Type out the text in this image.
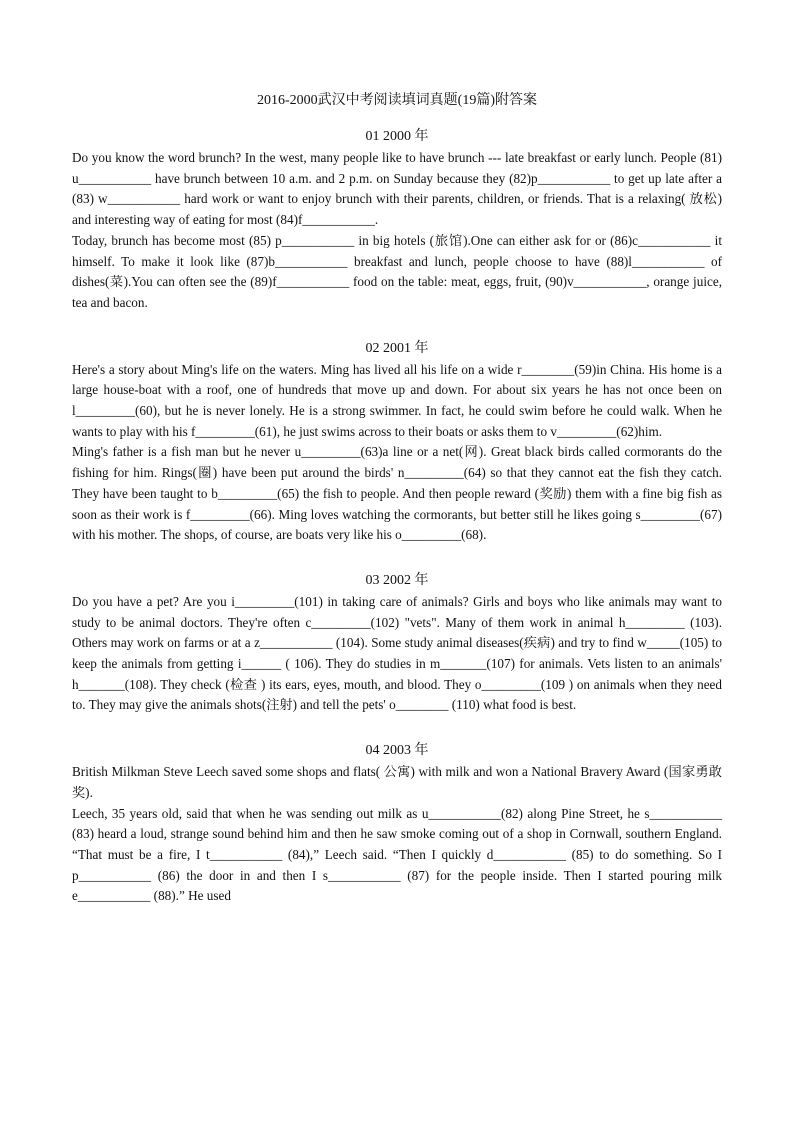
2016-2000武汉中考阅读填词真题(19篇)附答案
01 2000 年

Do you know the word brunch? In the west, many people like to have brunch --- late breakfast or early lunch. People (81) u___________ have brunch between 10 a.m. and 2 p.m. on Sunday because they (82)p___________ to get up late after a (83) w___________ hard work or want to enjoy brunch with their parents, children, or friends. That is a relaxing( 放松) and interesting way of eating for most (84)f___________.

Today, brunch has become most (85) p___________ in big hotels (旅馆).One can either ask for or (86)c___________ it himself. To make it look like (87)b___________ breakfast and lunch, people choose to have (88)l___________ of dishes(菜).You can often see the (89)f___________ food on the table: meat, eggs, fruit, (90)v___________, orange juice, tea and bacon.

02 2001 年

Here's a story about Ming's life on the waters. Ming has lived all his life on a wide r________(59)in China. His home is a large house-boat with a roof, one of hundreds that move up and down. For about six years he has not once been on l_________(60), but he is never lonely. He is a strong swimmer. In fact, he could swim before he could walk. When he wants to play with his f_________(61), he just swims across to their boats or asks them to v_________(62)him.

Ming's father is a fish man but he never u_________(63)a line or a net(网). Great black birds called cormorants do the fishing for him. Rings(圈) have been put around the birds' n_________(64) so that they cannot eat the fish they catch. They have been taught to b_________(65) the fish to people. And then people reward (奖励) them with a fine big fish as soon as their work is f_________(66). Ming loves watching the cormorants, but better still he likes going s_________(67) with his mother. The shops, of course, are boats very like his o_________(68).

03 2002 年

Do you have a pet? Are you i_________(101) in taking care of animals? Girls and boys who like animals may want to study to be animal doctors. They're often c_________(102) "vets". Many of them work in animal h_________ (103). Others may work on farms or at a z___________ (104). Some study animal diseases(疾病) and try to find w_____(105) to keep the animals from getting i______ ( 106). They do studies in m_______(107) for animals. Vets listen to an animals' h_______(108). They check (检查 ) its ears, eyes, mouth, and blood. They o_________(109 ) on animals when they need to. They may give the animals shots(注射) and tell the pets' o________ (110) what food is best.

04 2003 年

British Milkman Steve Leech saved some shops and flats( 公寓) with milk and won a National Bravery Award (国家勇敢奖).

Leech, 35 years old, said that when he was sending out milk as u___________(82) along Pine Street, he s___________ (83) heard a loud, strange sound behind him and then he saw smoke coming out of a shop in Cornwall, southern England. “That must be a fire, I t___________ (84),” Leech said. “Then I quickly d___________ (85) to do something. So I p___________ (86) the door in and then I s___________ (87) for the people inside. Then I started pouring milk e___________ (88).” He used
